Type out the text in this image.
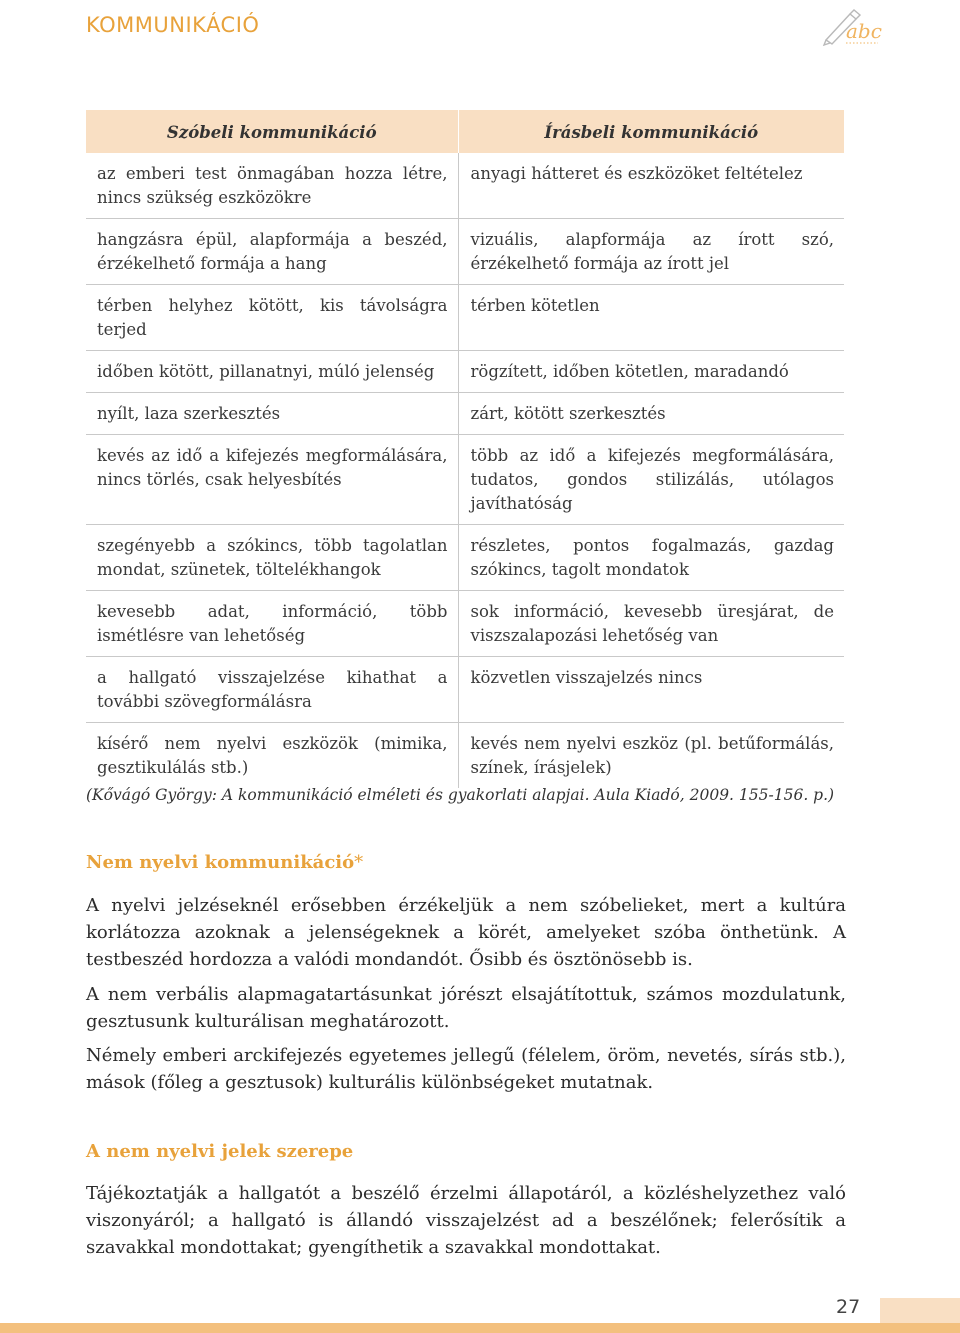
KOMMUNIKÁCIÓ	abc
Szóbeli kommunikáció	Írásbeli kommunikáció
az emberi test önmagában hozza létre, nincs szükség eszközökre	anyagi hátteret és eszközöket feltételez
hangzásra épül, alapformája a beszéd, érzékelhető formája a hang	vizuális, alapformája az írott szó, érzékelhető formája az írott jel
térben helyhez kötött, kis távolságra terjed	térben kötetlen
időben kötött, pillanatnyi, múló jelenség	rögzített, időben kötetlen, maradandó
nyílt, laza szerkesztés	zárt, kötött szerkesztés
kevés az idő a kifejezés megformálására, nincs törlés, csak helyesbítés	több az idő a kifejezés megformálására, tudatos, gondos stilizálás, utólagos javíthatóság
szegényebb a szókincs, több tagolatlan mondat, szünetek, töltelékhangok	részletes, pontos fogalmazás, gazdag szókincs, tagolt mondatok
kevesebb adat, információ, több ismétlésre van lehetőség	sok információ, kevesebb üresjárat, de viszszalapozási lehetőség van
a hallgató visszajelzése kihathat a további szövegformálásra	közvetlen visszajelzés nincs
kísérő nem nyelvi eszközök (mimika, gesztikulálás stb.)	kevés nem nyelvi eszköz (pl. betűformálás, színek, írásjelek)
(Kővágó György: A kommunikáció elméleti és gyakorlati alapjai. Aula Kiadó, 2009. 155-156. p.)
Nem nyelvi kommunikáció*

A nyelvi jelzéseknél erősebben érzékeljük a nem szóbelieket, mert a kultúra korlátozza azoknak a jelenségeknek a körét, amelyeket szóba önthetünk. A testbeszéd hordozza a valódi mondandót. Ősibb és ösztönösebb is.

A nem verbális alapmagatartásunkat jórészt elsajátítottuk, számos mozdulatunk, gesztusunk kulturálisan meghatározott.

Némely emberi arckifejezés egyetemes jellegű (félelem, öröm, nevetés, sírás stb.), mások (főleg a gesztusok) kulturális különbségeket mutatnak.

A nem nyelvi jelek szerepe

Tájékoztatják a hallgatót a beszélő érzelmi állapotáról, a közléshelyzethez való viszonyáról; a hallgató is állandó visszajelzést ad a beszélőnek; felerősítik a szavakkal mondottakat; gyengíthetik a szavakkal mondottakat.

27
